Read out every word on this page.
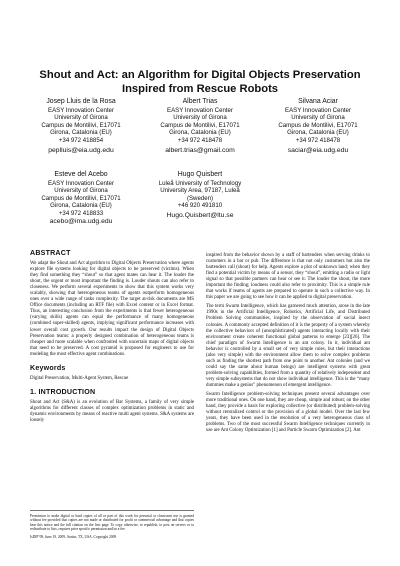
Shout and Act: an Algorithm for Digital Objects Preservation Inspired from Rescue Robots
Josep Lluis de la Rosa
EASY Innovation Center
University of Girona
Campus de Montilivi, E17071
Girona, Catalonia (EU)
+34 972 418854
peplluis@eia.udg.edu
Albert Trias
EASY Innovation Center
University of Girona
Campus de Montilivi, E17071
Girona, Catalonia (EU)
+34 972 418478
albert.trias@gmail.com
Silvana Aciar
EASY Innovation Center
University of Girona
Campus de Montilivi, E17071
Girona, Catalonia (EU)
+34 972 418478
saciar@eia.udg.edu
Esteve del Acebo
EASY Innovation Center
University of Girona
Campus de Montilivi, E17071
Girona, Catalonia (EU)
+34 972 418833
acebo@ima.udg.edu
Hugo Quisbert
Luleå University of Technology
University Area, 97187, Luleå
(Sweden)
+46 920 491810
Hugo.Quisbert@ltu.se
ABSTRACT
We adapt the Shout and Act algorithm to Digital Objects Preservation where agents explore file systems looking for digital objects to be preserved (victims). When they find something they “shout” so that agent mates can hear it. The louder the shout, the urgent or most important the finding is. Louder shouts can also refer to closeness. We perform several experiments to show that this system works very scalably, showing that heterogeneous teams of agents outperform homogeneous ones over a wide range of tasks complexity. The target at-risk documents are MS Office documents (including an RTF file) with Excel content or in Excel format. Thus, an interesting conclusion from the experiments is that fewer heterogeneous (varying skills) agents can equal the performance of many homogeneous (combined super-skilled) agents, implying significant performance increases with lower overall cost growth. Our results impact the design of Digital Objects Preservation teams: a properly designed combination of heterogeneous teams is cheaper and more scalable when confronted with uncertain maps of digital objects that need to be preserved. A cost pyramid is proposed for engineers to use for modeling the most effective agent combinations.
Keywords
Digital Preservation, Multi-Agent System, Rescue
1. INTRODUCTION
Shout and Act (S&A) is an evolution of Bar Systems, a family of very simple algorithms for different classes of complex optimization problems in static and dynamic environments by means of reactive multi agent systems. S&A systems are loosely
Permission to make digital or hard copies of all or part of this work for personal or classroom use is granted without fee provided that copies are not made or distributed for profit or commercial advantage and that copies bear this notice and the full citation on the first page. To copy otherwise, to republish, to post on servers or to redistribute to lists, requires prior specific permission and/or a fee.
IsDIP’09, June 19, 2009, Austin, TX, USA. Copyright 2009
inspired from the behavior shown by a staff of bartenders when serving drinks to customers in a bar or pub. The difference is that not only customers but also the bartenders call (shout) for help. Agents explore a plot of unknown land; when they find a potential victim by means of a sensor, they “shout”, emitting a radio or light signal so that possible partners can hear or see it. The louder the shout, the more important the finding; loudness could also refer to proximity. This is a simple rule that works if teams of agents are prepared to operate in such a collective way. In this paper we are going to see how it can be applied to digital preservation.
The term Swarm Intelligence, which has garnered much attention, arose in the late 1990s in the Artificial Intelligence, Robotics, Artificial Life, and Distributed Problem Solving communities, inspired by the observation of social insect colonies. A commonly accepted definition of it is the property of a system whereby the collective behaviors of (unsophisticated) agents interacting locally with their environment create coherent functional global patterns to emerge [23][26]. The chief paradigm of Swarm Intelligence is an ant colony. In it, individual ant behavior is controlled by a small set of very simple rules, but their interactions (also very simple) with the environment allow them to solve complex problems such as finding the shortest path from one point to another. Ant colonies (and we could say the same about human beings) are intelligent systems with great problem-solving capabilities, formed from a quantity of relatively independent and very simple subsystems that do not show individual intelligence. This is the “many dummies make a genius” phenomenon of emergent intelligence.
Swarm Intelligence problem-solving techniques present several advantages over more traditional ones. On one hand, they are cheap, simple and robust; on the other hand, they provide a basis for exploring collective (or distributed) problem-solving without centralized control or the provision of a global model. Over the last few years, they have been used in the resolution of a very heterogeneous class of problems. Two of the most successful Swarm Intelligence techniques currently in use are Ant Colony Optimization [1] and Particle Swarm Optimization [2]. Ant
